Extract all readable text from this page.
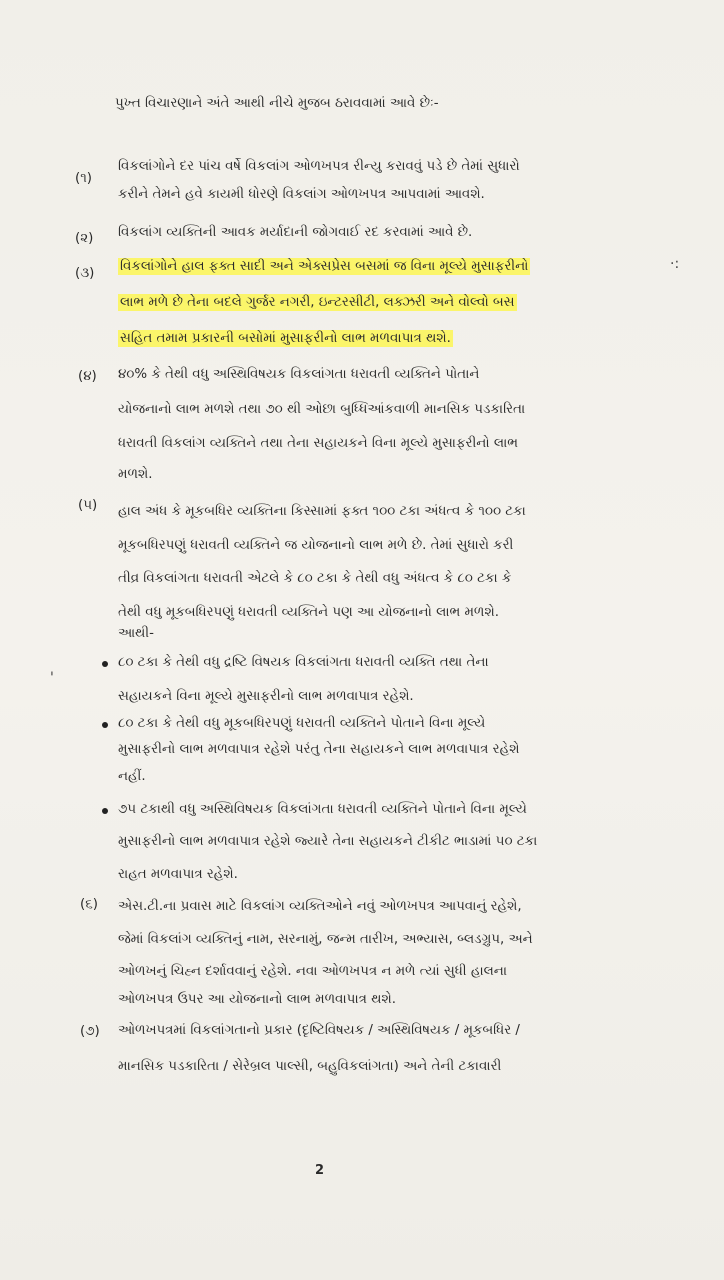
પુખ્ત વિચારણાને અંતે આથી નીચે મુજબ ઠરાવવામાં આવે છેઃ-
(૧)
વિકલાંગોને દર પાંચ વર્ષે વિકલાંગ ઓળખપત્ર રીન્યુ કરાવવું પડે છે તેમાં સુધારો
કરીને તેમને હવે કાયમી ધોરણે વિકલાંગ ઓળખપત્ર આપવામાં આવશે.
(૨) વિકલાંગ વ્યક્તિની આવક મર્યાદાની જોગવાઈ રદ કરવામાં આવે છે.
(૩) વિકલાંગોને હાલ ફક્ત સાદી અને એક્સપ્રેસ બસમાં જ વિના મૂલ્યે મુસાફરીનો
લાભ મળે છે તેના બદલે ગુર્જર નગરી, ઇન્ટરસીટી, લક્ઝરી અને વોલ્વો બસ
સહિત તમામ પ્રકારની બસોમાં મુસાફરીનો લાભ મળવાપાત્ર થશે.
·:
(૪) ૪૦% કે તેથી વધુ અસ્થિવિષયક વિકલાંગતા ધરાવતી વ્યક્તિને પોતાને
યોજનાનો લાભ મળશે તથા ૭૦ થી ઓછા બુધ્ધિઆંકવાળી માનસિક પડકારિતા
ધરાવતી વિકલાંગ વ્યક્તિને તથા તેના સહાયકને વિના મૂલ્યે મુસાફરીનો લાભ
મળશે.
(૫) હાલ અંધ કે મૂકબધિર વ્યક્તિના કિસ્સામાં ફક્ત ૧૦૦ ટકા અંધત્વ કે ૧૦૦ ટકા
મૂકબધિરપણું ધરાવતી વ્યક્તિને જ યોજનાનો લાભ મળે છે. તેમાં સુધારો કરી
તીવ્ર વિકલાંગતા ધરાવતી એટલે કે ૮૦ ટકા કે તેથી વધુ અંધત્વ કે ૮૦ ટકા કે
તેથી વધુ મૂકબધિરપણું ધરાવતી વ્યક્તિને પણ આ યોજનાનો લાભ મળશે.
આથી-
૮૦ ટકા કે તેથી વધુ દ્રષ્ટિ વિષયક વિકલાંગતા ધરાવતી વ્યક્તિ તથા તેના
સહાયકને વિના મૂલ્યે મુસાફરીનો લાભ મળવાપાત્ર રહેશે.
'
૮૦ ટકા કે તેથી વધુ મૂકબધિરપણું ધરાવતી વ્યક્તિને પોતાને વિના મૂલ્યે
મુસાફરીનો લાભ મળવાપાત્ર રહેશે પરંતુ તેના સહાયકને લાભ મળવાપાત્ર રહેશે
નહીં.
૭૫ ટકાથી વધુ અસ્થિવિષયક વિકલાંગતા ધરાવતી વ્યક્તિને પોતાને વિના મૂલ્યે
મુસાફરીનો લાભ મળવાપાત્ર રહેશે જ્યારે તેના સહાયકને ટીકીટ ભાડામાં ૫૦ ટકા
રાહત મળવાપાત્ર રહેશે.
(૬) એસ.ટી.ના પ્રવાસ માટે વિકલાંગ વ્યક્તિઓને નવું ઓળખપત્ર આપવાનું રહેશે,
જેમાં વિકલાંગ વ્યક્તિનું નામ, સરનામું, જન્મ તારીખ, અભ્યાસ, બ્લડગ્રુપ, અને
ઓળખનું ચિહ્ન દર્શાવવાનું રહેશે. નવા ઓળખપત્ર ન મળે ત્યાં સુધી હાલના
ઓળખપત્ર ઉપર આ યોજનાનો લાભ મળવાપાત્ર થશે.
(૭) ઓળખપત્રમાં વિકલાંગતાનો પ્રકાર (દૃષ્ટિવિષયક / અસ્થિવિષયક / મૂકબધિર /
માનસિક પડકારિતા / સેરેબ્રલ પાલ્સી, બહુવિકલાંગતા) અને તેની ટકાવારી
2
